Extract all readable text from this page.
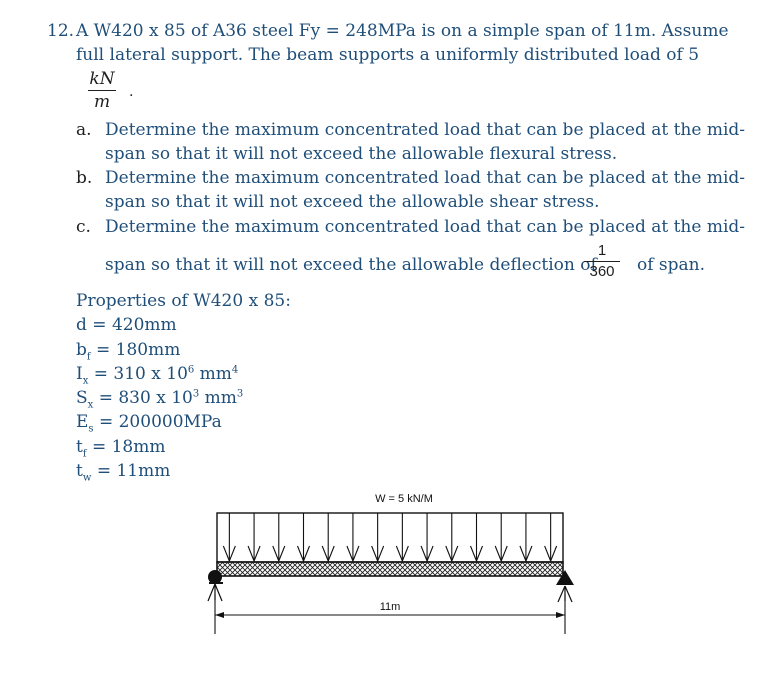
12. A W420 x 85 of A36 steel Fy = 248MPa is on a simple span of 11m. Assume
full lateral support. The beam supports a uniformly distributed load of 5
kN
m	.
a. Determine the maximum concentrated load that can be placed at the mid-
span so that it will not exceed the allowable flexural stress.
b. Determine the maximum concentrated load that can be placed at the mid-
span so that it will not exceed the allowable shear stress.
c. Determine the maximum concentrated load that can be placed at the mid-
span so that it will not exceed the allowable deflection of
1
360	of span.
Properties of W420 x 85:
d = 420mm
$b_f = 180mm$
$I_x = 310$ x $10^6$ $mm^4$
$S_x = 830$ x $10^3$ $mm^3$
$E_s = 200000MPa$
$t_f = 18mm$
$t_w = 11mm$
W = 5 kN/M
11m
